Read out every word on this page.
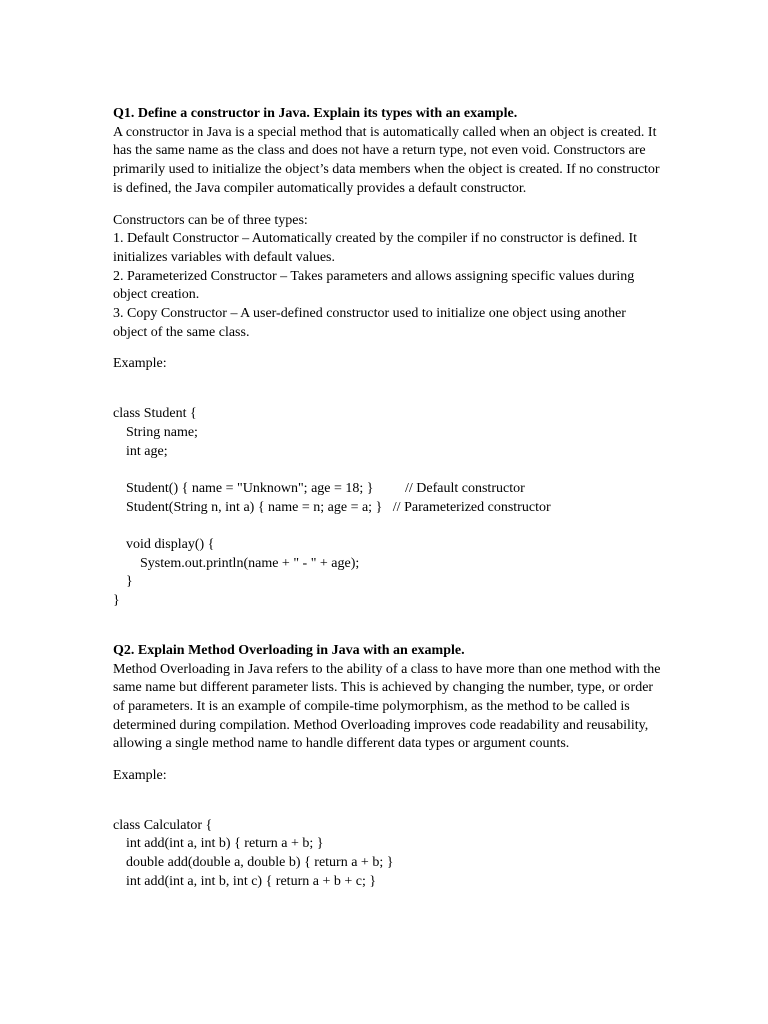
Q1. Define a constructor in Java. Explain its types with an example.

A constructor in Java is a special method that is automatically called when an object is created. It

has the same name as the class and does not have a return type, not even void. Constructors are

primarily used to initialize the object’s data members when the object is created. If no constructor

is defined, the Java compiler automatically provides a default constructor.

Constructors can be of three types:

1. Default Constructor – Automatically created by the compiler if no constructor is defined. It

initializes variables with default values.

2. Parameterized Constructor – Takes parameters and allows assigning specific values during

object creation.

3. Copy Constructor – A user-defined constructor used to initialize one object using another

object of the same class.

Example:

class Student {

String name;

int age;

Student() { name = "Unknown"; age = 18; }         // Default constructor

Student(String n, int a) { name = n; age = a; }   // Parameterized constructor

void display() {

System.out.println(name + " - " + age);

}

}

Q2. Explain Method Overloading in Java with an example.

Method Overloading in Java refers to the ability of a class to have more than one method with the

same name but different parameter lists. This is achieved by changing the number, type, or order

of parameters. It is an example of compile-time polymorphism, as the method to be called is

determined during compilation. Method Overloading improves code readability and reusability,

allowing a single method name to handle different data types or argument counts.

Example:

class Calculator {

int add(int a, int b) { return a + b; }

double add(double a, double b) { return a + b; }

int add(int a, int b, int c) { return a + b + c; }
